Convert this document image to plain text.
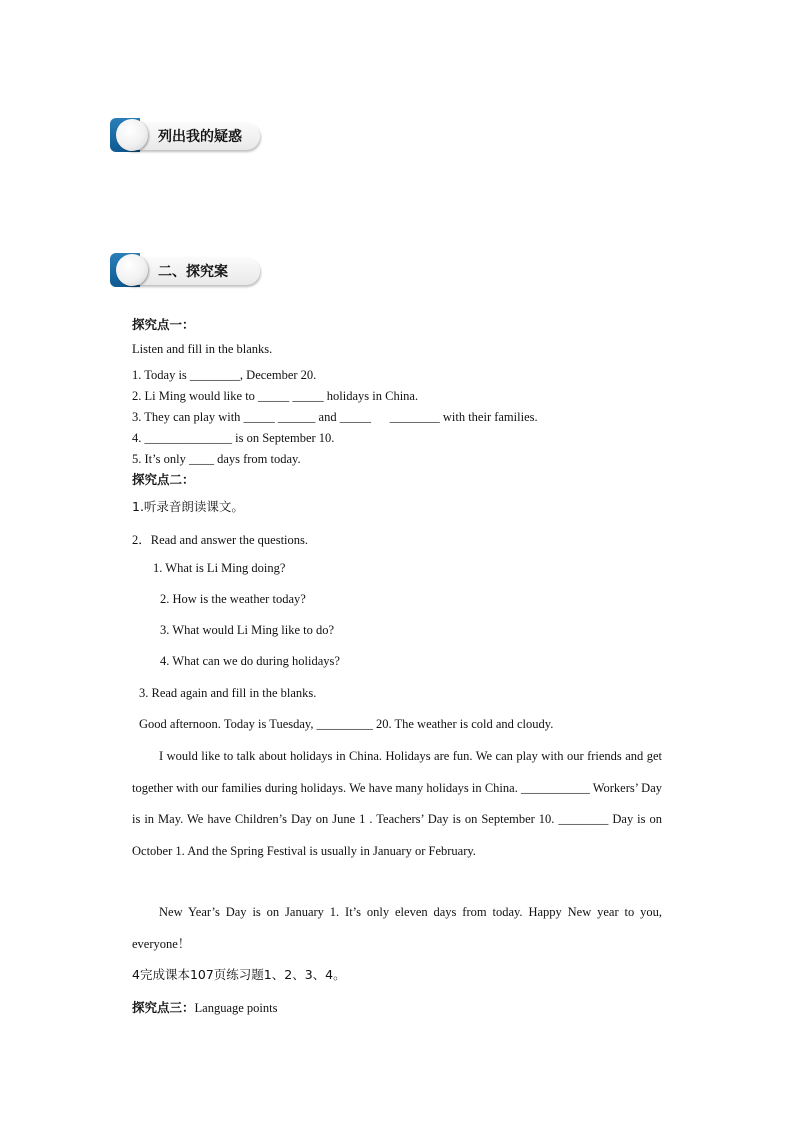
列出我的疑惑
二、探究案
探究点一：
Listen and fill in the blanks.
1. Today is ________, December 20.
2. Li Ming would like to _____ _____ holidays in China.
3. They can play with _____ ______ and _____      ________ with their families.
4. ______________ is on September 10.
5. It’s only ____ days from today.
探究点二：
1.听录音朗读课文。
2．Read and answer the questions.
1. What is Li Ming doing?
2. How is the weather today?
3. What would Li Ming like to do?
4. What can we do during holidays?
3. Read again and fill in the blanks.
Good afternoon. Today is Tuesday, _________ 20. The weather is cold and cloudy.
I would like to talk about holidays in China. Holidays are fun. We can play with our friends and get together with our families during holidays. We have many holidays in China. ___________ Workers’ Day is in May. We have Children’s Day on June 1 . Teachers’ Day is on September 10. ________ Day is on October 1. And the Spring Festival is usually in January or February.
New Year’s Day is on January 1. It’s only eleven days from today. Happy New year to you, everyone！
4完成课本107页练习题1、2、3、4。
探究点三：Language points
